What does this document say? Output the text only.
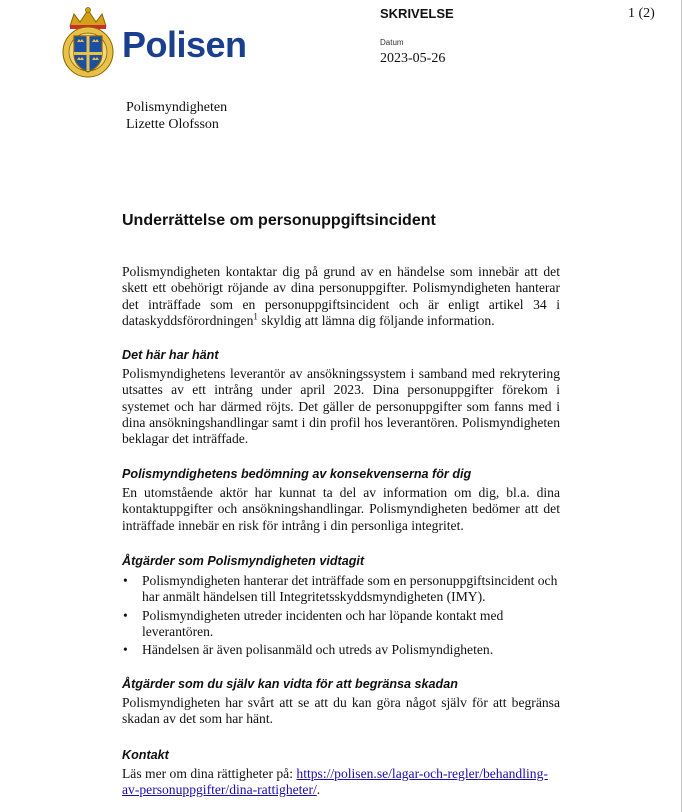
Polisen
SKRIVELSE	1 (2)
Datum
2023-05-26
Polismyndigheten
Lizette Olofsson
Underrättelse om personuppgiftsincident

Polismyndigheten kontaktar dig på grund av en händelse som innebär att det skett ett obehörigt röjande av dina personuppgifter. Polismyndigheten hanterar det inträffade som en personuppgiftsincident och är enligt artikel 34 i dataskyddsförordningen$^1$ skyldig att lämna dig följande information.

Det här har hänt

Polismyndighetens leverantör av ansökningssystem i samband med rekrytering utsattes av ett intrång under april 2023. Dina personuppgifter förekom i systemet och har därmed röjts. Det gäller de personuppgifter som fanns med i dina ansökningshandlingar samt i din profil hos leverantören. Polismyndigheten beklagar det inträffade.

Polismyndighetens bedömning av konsekvenserna för dig

En utomstående aktör har kunnat ta del av information om dig, bl.a. dina kontaktuppgifter och ansökningshandlingar. Polismyndigheten bedömer att det inträffade innebär en risk för intrång i din personliga integritet.

Åtgärder som Polismyndigheten vidtagit
• Polismyndigheten hanterar det inträffade som en personuppgiftsincident och har anmält händelsen till Integritetsskyddsmyndigheten (IMY).
• Polismyndigheten utreder incidenten och har löpande kontakt med leverantören.
• Händelsen är även polisanmäld och utreds av Polismyndigheten.
Åtgärder som du själv kan vidta för att begränsa skadan

Polismyndigheten har svårt att se att du kan göra något själv för att begränsa skadan av det som har hänt.

Kontakt

Läs mer om dina rättigheter på: https://polisen.se/lagar-och-regler/behandling-av-personuppgifter/dina-rattigheter/.
